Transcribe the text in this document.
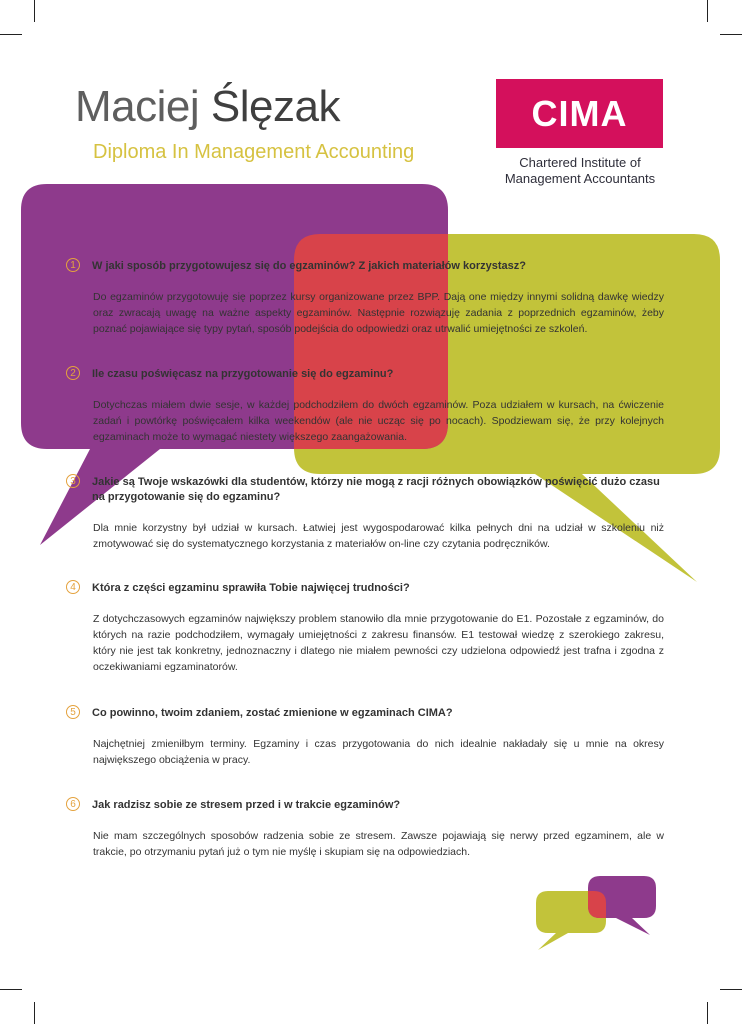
Maciej Ślęzak
Diploma In Management Accounting
CIMA
Chartered Institute of
Management Accountants
1	W jaki sposób przygotowujesz się do egzaminów? Z jakich materiałów korzystasz?
Do egzaminów przygotowuję się poprzez kursy organizowane przez BPP. Dają one między innymi solidną dawkę wiedzy oraz zwracają uwagę na ważne aspekty egzaminów. Następnie rozwiązuję zadania z poprzednich egzaminów, żeby poznać pojawiające się typy pytań, sposób podejścia do odpowiedzi oraz utrwalić umiejętności ze szkoleń.
2	Ile czasu poświęcasz na przygotowanie się do egzaminu?
Dotychczas miałem dwie sesje, w każdej podchodziłem do dwóch egzaminów. Poza udziałem w kursach, na ćwiczenie zadań i powtórkę poświęcałem kilka weekendów (ale nie ucząc się po nocach). Spodziewam się, że przy kolejnych egzaminach może to wymagać niestety większego zaangażowania.
3	Jakie są Twoje wskazówki dla studentów, którzy nie mogą z racji różnych obowiązków poświęcić dużo czasu na przygotowanie się do egzaminu?
Dla mnie korzystny był udział w kursach. Łatwiej jest wygospodarować kilka pełnych dni na udział w szkoleniu niż zmotywować się do systematycznego korzystania z materiałów on-line czy czytania podręczników.
4	Która z części egzaminu sprawiła Tobie najwięcej trudności?
Z dotychczasowych egzaminów największy problem stanowiło dla mnie przygotowanie do E1. Pozostałe z egzaminów, do których na razie podchodziłem, wymagały umiejętności z zakresu finansów. E1 testował wiedzę z szerokiego zakresu, który nie jest tak konkretny, jednoznaczny i dlatego nie miałem pewności czy udzielona odpowiedź jest trafna i zgodna z oczekiwaniami egzaminatorów.
5	Co powinno, twoim zdaniem, zostać zmienione w egzaminach CIMA?
Najchętniej zmieniłbym terminy. Egzaminy i czas przygotowania do nich idealnie nakładały się u mnie na okresy największego obciążenia w pracy.
6	Jak radzisz sobie ze stresem przed i w trakcie egzaminów?
Nie mam szczególnych sposobów radzenia sobie ze stresem. Zawsze pojawiają się nerwy przed egzaminem, ale w trakcie, po otrzymaniu pytań już o tym nie myślę i skupiam się na odpowiedziach.
